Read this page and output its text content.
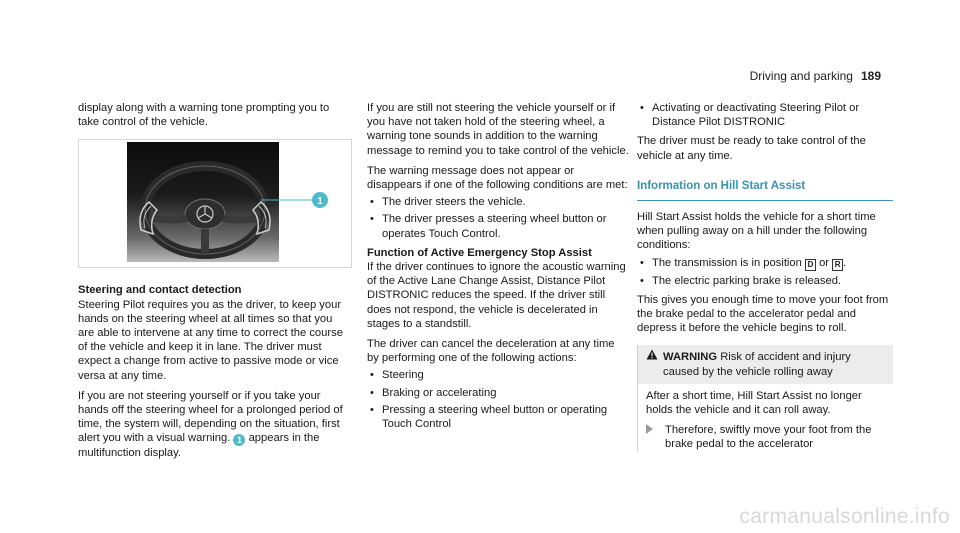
Driving and parking 189

display along with a warning tone prompting you to take control of the vehicle.

1

Steering and contact detection

Steering Pilot requires you as the driver, to keep your hands on the steering wheel at all times so that you are able to intervene at any time to correct the course of the vehicle and keep it in lane. The driver must expect a change from active to passive mode or vice versa at any time.

If you are not steering yourself or if you take your hands off the steering wheel for a prolonged period of time, the system will, depending on the situation, first alert you with a visual warning. 1 appears in the multifunction display.

If you are still not steering the vehicle yourself or if you have not taken hold of the steering wheel, a warning tone sounds in addition to the warning message to remind you to take control of the vehicle.

The warning message does not appear or disappears if one of the following conditions are met:

• The driver steers the vehicle.
• The driver presses a steering wheel button or operates Touch Control.

Function of Active Emergency Stop Assist

If the driver continues to ignore the acoustic warning of the Active Lane Change Assist, Distance Pilot DISTRONIC reduces the speed. If the driver still does not respond, the vehicle is decelerated in stages to a standstill.

The driver can cancel the deceleration at any time by performing one of the following actions:

• Steering
• Braking or accelerating
• Pressing a steering wheel button or operating Touch Control
• Activating or deactivating Steering Pilot or Distance Pilot DISTRONIC

The driver must be ready to take control of the vehicle at any time.

Information on Hill Start Assist

Hill Start Assist holds the vehicle for a short time when pulling away on a hill under the following conditions:

• The transmission is in position D or R .
• The electric parking brake is released.

This gives you enough time to move your foot from the brake pedal to the accelerator pedal and depress it before the vehicle begins to roll.

WARNING Risk of accident and injury caused by the vehicle rolling away
After a short time, Hill Start Assist no longer holds the vehicle and it can roll away.
Therefore, swiftly move your foot from the brake pedal to the accelerator
carmanualsonline.info
